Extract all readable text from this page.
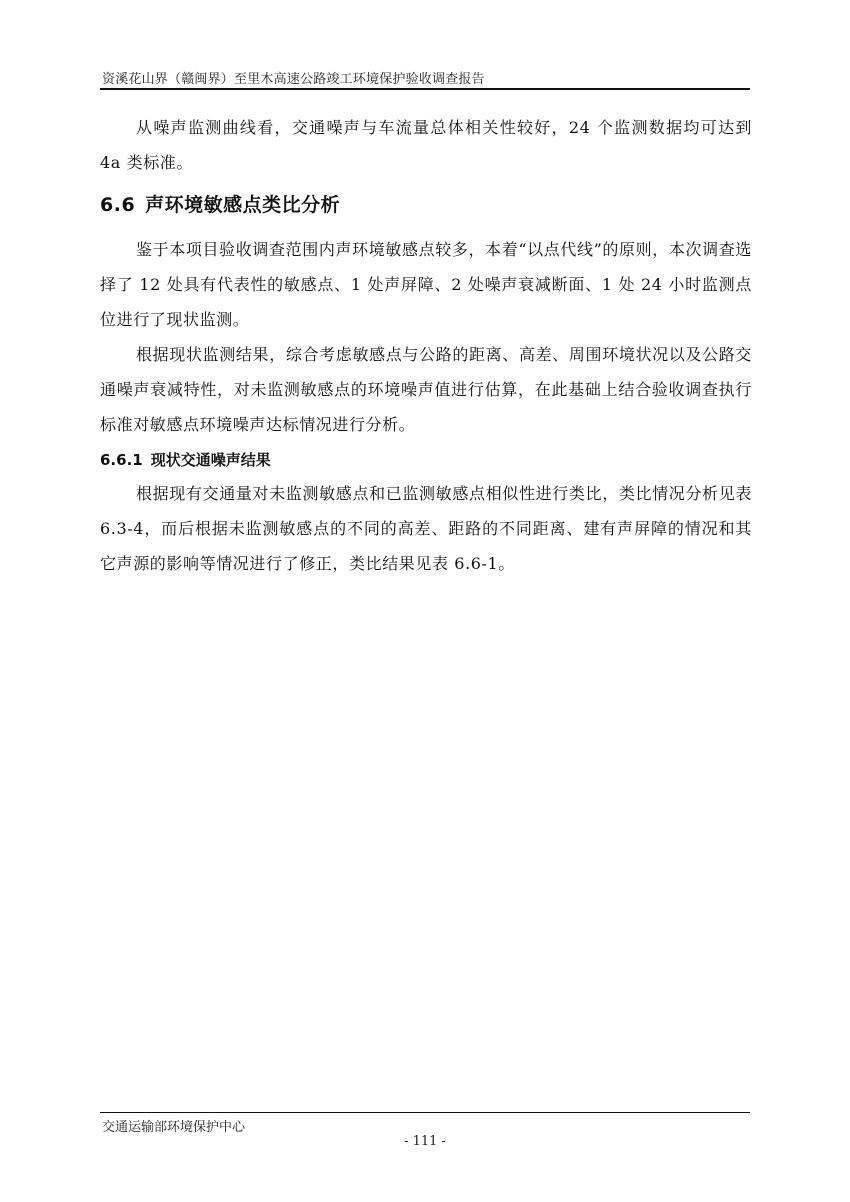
资溪花山界（赣闽界）至里木高速公路竣工环境保护验收调查报告

从噪声监测曲线看，交通噪声与车流量总体相关性较好，24 个监测数据均可达到 4a 类标准。

6.6 声环境敏感点类比分析

鉴于本项目验收调查范围内声环境敏感点较多，本着“以点代线”的原则，本次调查选择了 12 处具有代表性的敏感点、1 处声屏障、2 处噪声衰减断面、1 处 24 小时监测点位进行了现状监测。

根据现状监测结果，综合考虑敏感点与公路的距离、高差、周围环境状况以及公路交通噪声衰减特性，对未监测敏感点的环境噪声值进行估算，在此基础上结合验收调查执行标准对敏感点环境噪声达标情况进行分析。

6.6.1 现状交通噪声结果

根据现有交通量对未监测敏感点和已监测敏感点相似性进行类比，类比情况分析见表 6.3-4，而后根据未监测敏感点的不同的高差、距路的不同距离、建有声屏障的情况和其它声源的影响等情况进行了修正，类比结果见表 6.6-1。

交通运输部环境保护中心
- 111 -
